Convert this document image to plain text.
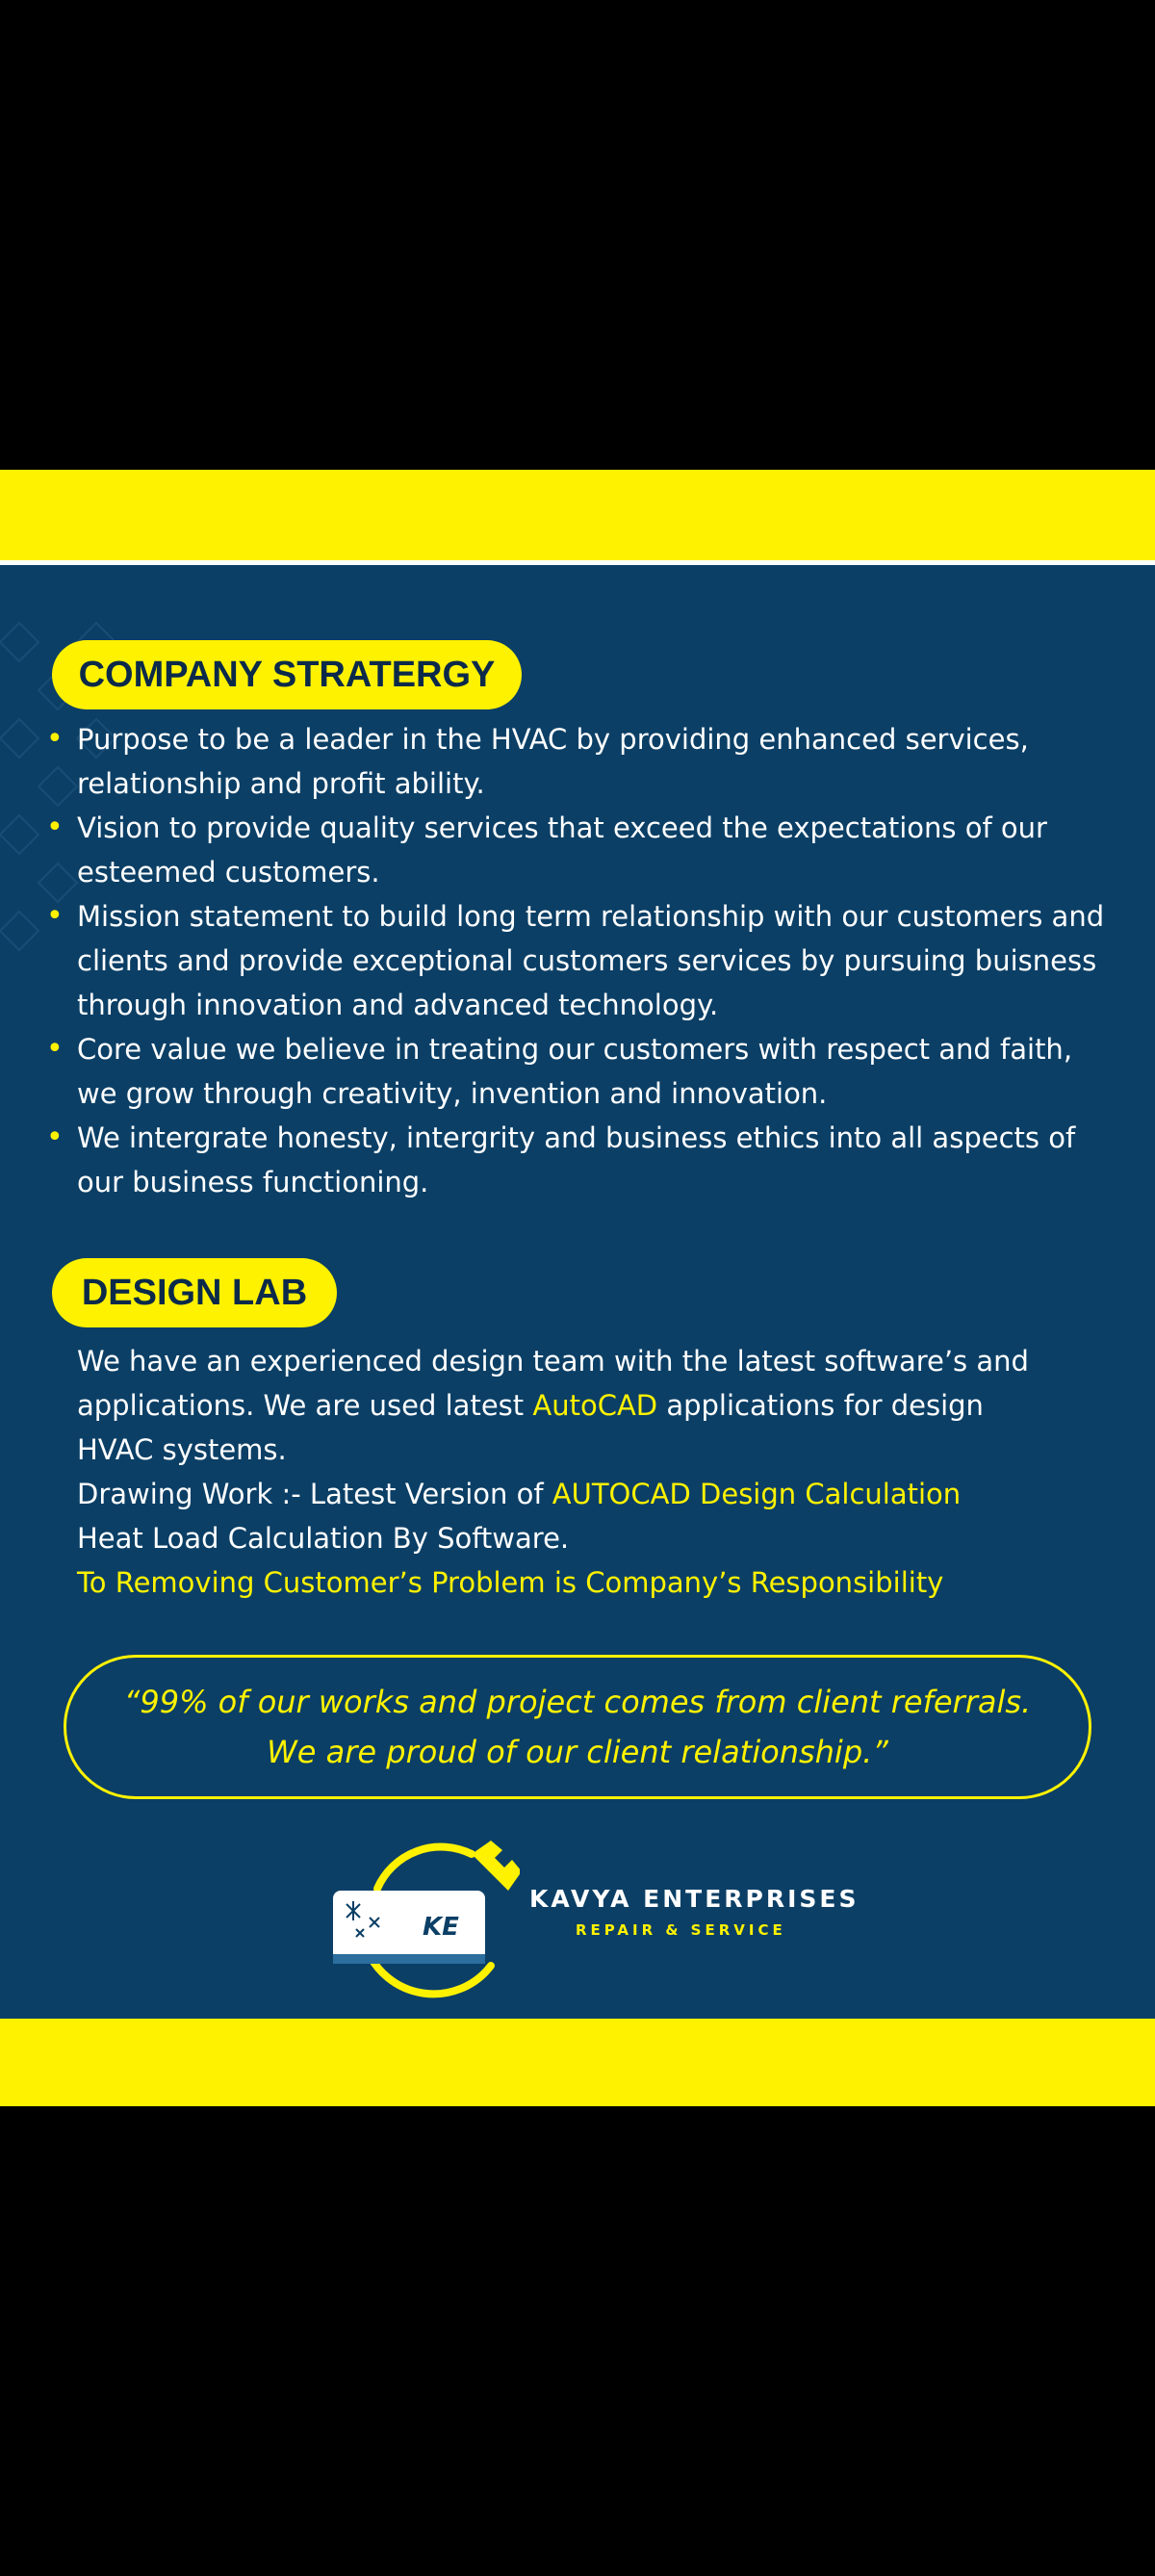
COMPANY STRATERGY
• Purpose to be a leader in the HVAC by providing enhanced services,
relationship and profit ability.
• Vision to provide quality services that exceed the expectations of our
esteemed customers.
• Mission statement to build long term relationship with our customers and
clients and provide exceptional customers services by pursuing buisness
through innovation and advanced technology.
• Core value we believe in treating our customers with respect and faith,
we grow through creativity, invention and innovation.
• We intergrate honesty, intergrity and business ethics into all aspects of
our business functioning.
DESIGN LAB
We have an experienced design team with the latest software’s and
applications. We are used latest AutoCAD applications for design
HVAC systems.
Drawing Work :- Latest Version of AUTOCAD Design Calculation
Heat Load Calculation By Software.
To Removing Customer’s Problem is Company’s Responsibility
“99% of our works and project comes from client referrals.
We are proud of our client relationship.”
KE
KAVYA ENTERPRISES
REPAIR & SERVICE
